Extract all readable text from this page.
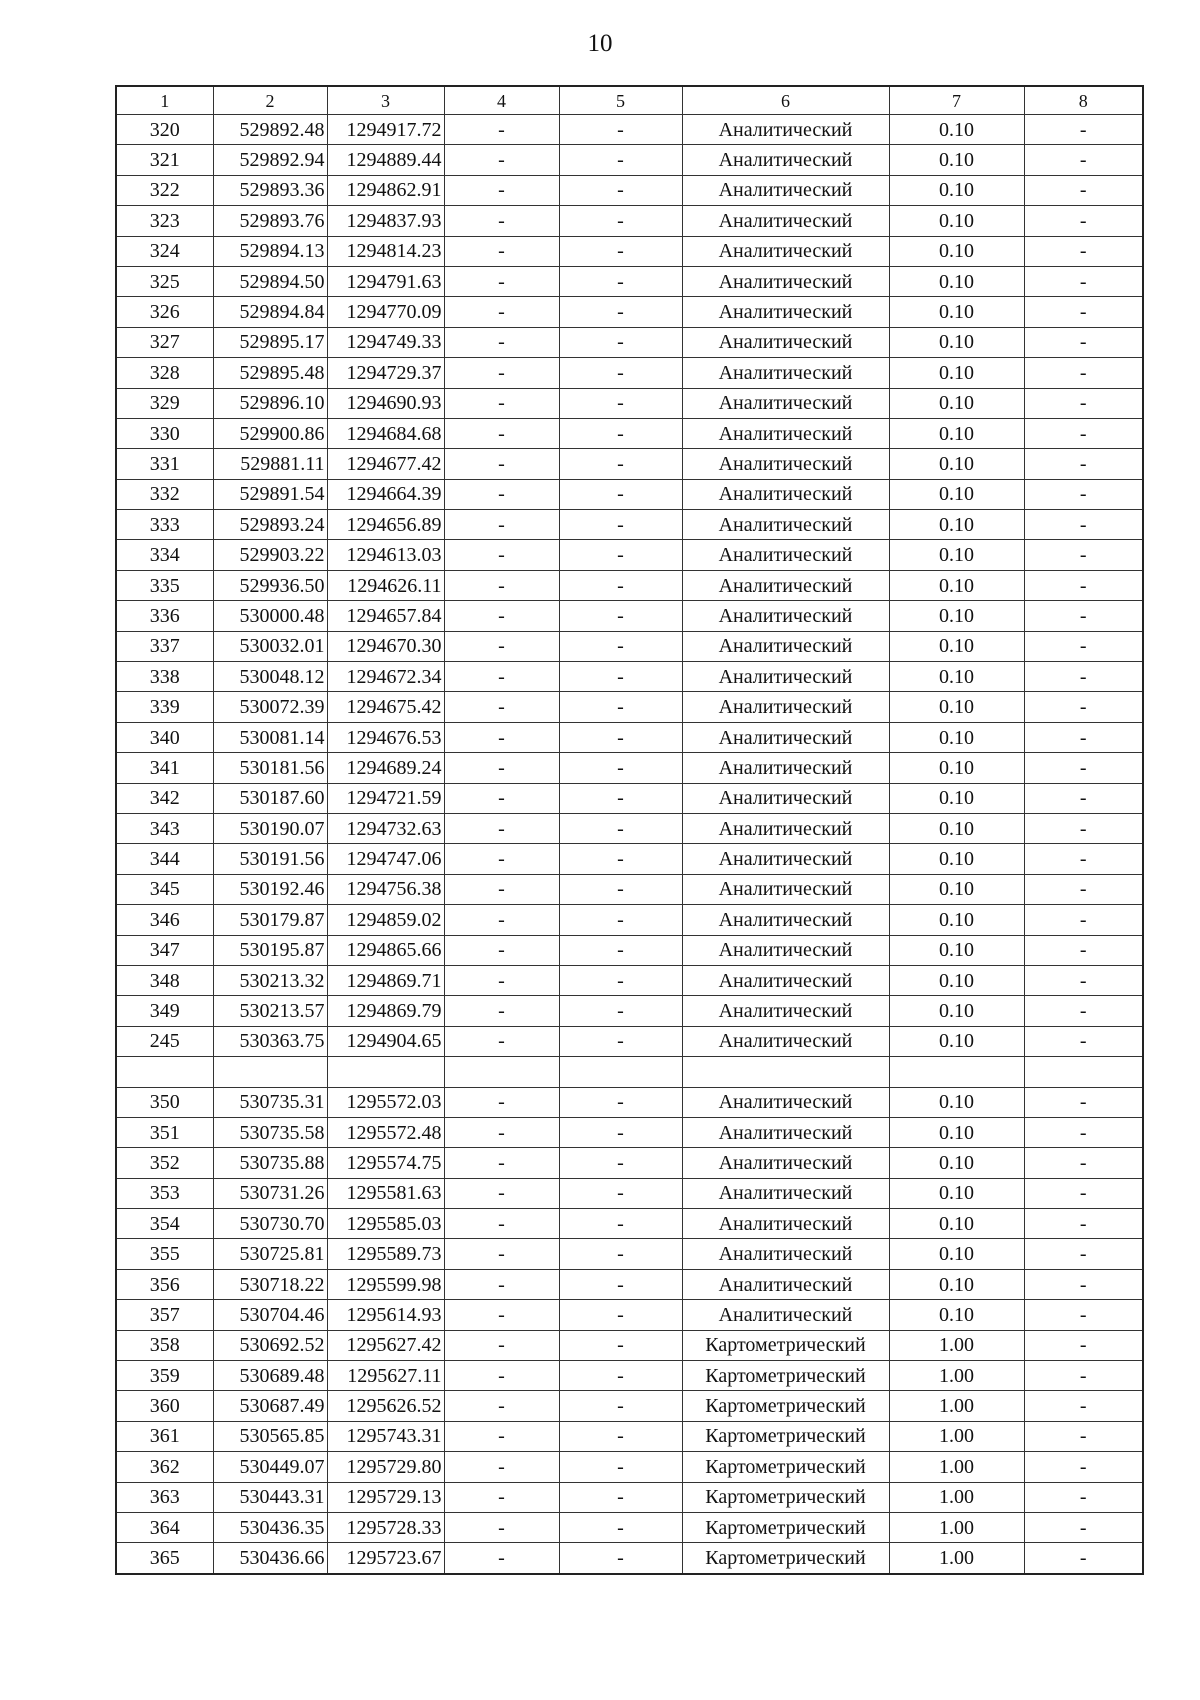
10
1	2	3	4	5	6	7	8
320	529892.48	1294917.72	-	-	Аналитический	0.10	-
321	529892.94	1294889.44	-	-	Аналитический	0.10	-
322	529893.36	1294862.91	-	-	Аналитический	0.10	-
323	529893.76	1294837.93	-	-	Аналитический	0.10	-
324	529894.13	1294814.23	-	-	Аналитический	0.10	-
325	529894.50	1294791.63	-	-	Аналитический	0.10	-
326	529894.84	1294770.09	-	-	Аналитический	0.10	-
327	529895.17	1294749.33	-	-	Аналитический	0.10	-
328	529895.48	1294729.37	-	-	Аналитический	0.10	-
329	529896.10	1294690.93	-	-	Аналитический	0.10	-
330	529900.86	1294684.68	-	-	Аналитический	0.10	-
331	529881.11	1294677.42	-	-	Аналитический	0.10	-
332	529891.54	1294664.39	-	-	Аналитический	0.10	-
333	529893.24	1294656.89	-	-	Аналитический	0.10	-
334	529903.22	1294613.03	-	-	Аналитический	0.10	-
335	529936.50	1294626.11	-	-	Аналитический	0.10	-
336	530000.48	1294657.84	-	-	Аналитический	0.10	-
337	530032.01	1294670.30	-	-	Аналитический	0.10	-
338	530048.12	1294672.34	-	-	Аналитический	0.10	-
339	530072.39	1294675.42	-	-	Аналитический	0.10	-
340	530081.14	1294676.53	-	-	Аналитический	0.10	-
341	530181.56	1294689.24	-	-	Аналитический	0.10	-
342	530187.60	1294721.59	-	-	Аналитический	0.10	-
343	530190.07	1294732.63	-	-	Аналитический	0.10	-
344	530191.56	1294747.06	-	-	Аналитический	0.10	-
345	530192.46	1294756.38	-	-	Аналитический	0.10	-
346	530179.87	1294859.02	-	-	Аналитический	0.10	-
347	530195.87	1294865.66	-	-	Аналитический	0.10	-
348	530213.32	1294869.71	-	-	Аналитический	0.10	-
349	530213.57	1294869.79	-	-	Аналитический	0.10	-
245	530363.75	1294904.65	-	-	Аналитический	0.10	-

350	530735.31	1295572.03	-	-	Аналитический	0.10	-
351	530735.58	1295572.48	-	-	Аналитический	0.10	-
352	530735.88	1295574.75	-	-	Аналитический	0.10	-
353	530731.26	1295581.63	-	-	Аналитический	0.10	-
354	530730.70	1295585.03	-	-	Аналитический	0.10	-
355	530725.81	1295589.73	-	-	Аналитический	0.10	-
356	530718.22	1295599.98	-	-	Аналитический	0.10	-
357	530704.46	1295614.93	-	-	Аналитический	0.10	-
358	530692.52	1295627.42	-	-	Картометрический	1.00	-
359	530689.48	1295627.11	-	-	Картометрический	1.00	-
360	530687.49	1295626.52	-	-	Картометрический	1.00	-
361	530565.85	1295743.31	-	-	Картометрический	1.00	-
362	530449.07	1295729.80	-	-	Картометрический	1.00	-
363	530443.31	1295729.13	-	-	Картометрический	1.00	-
364	530436.35	1295728.33	-	-	Картометрический	1.00	-
365	530436.66	1295723.67	-	-	Картометрический	1.00	-
